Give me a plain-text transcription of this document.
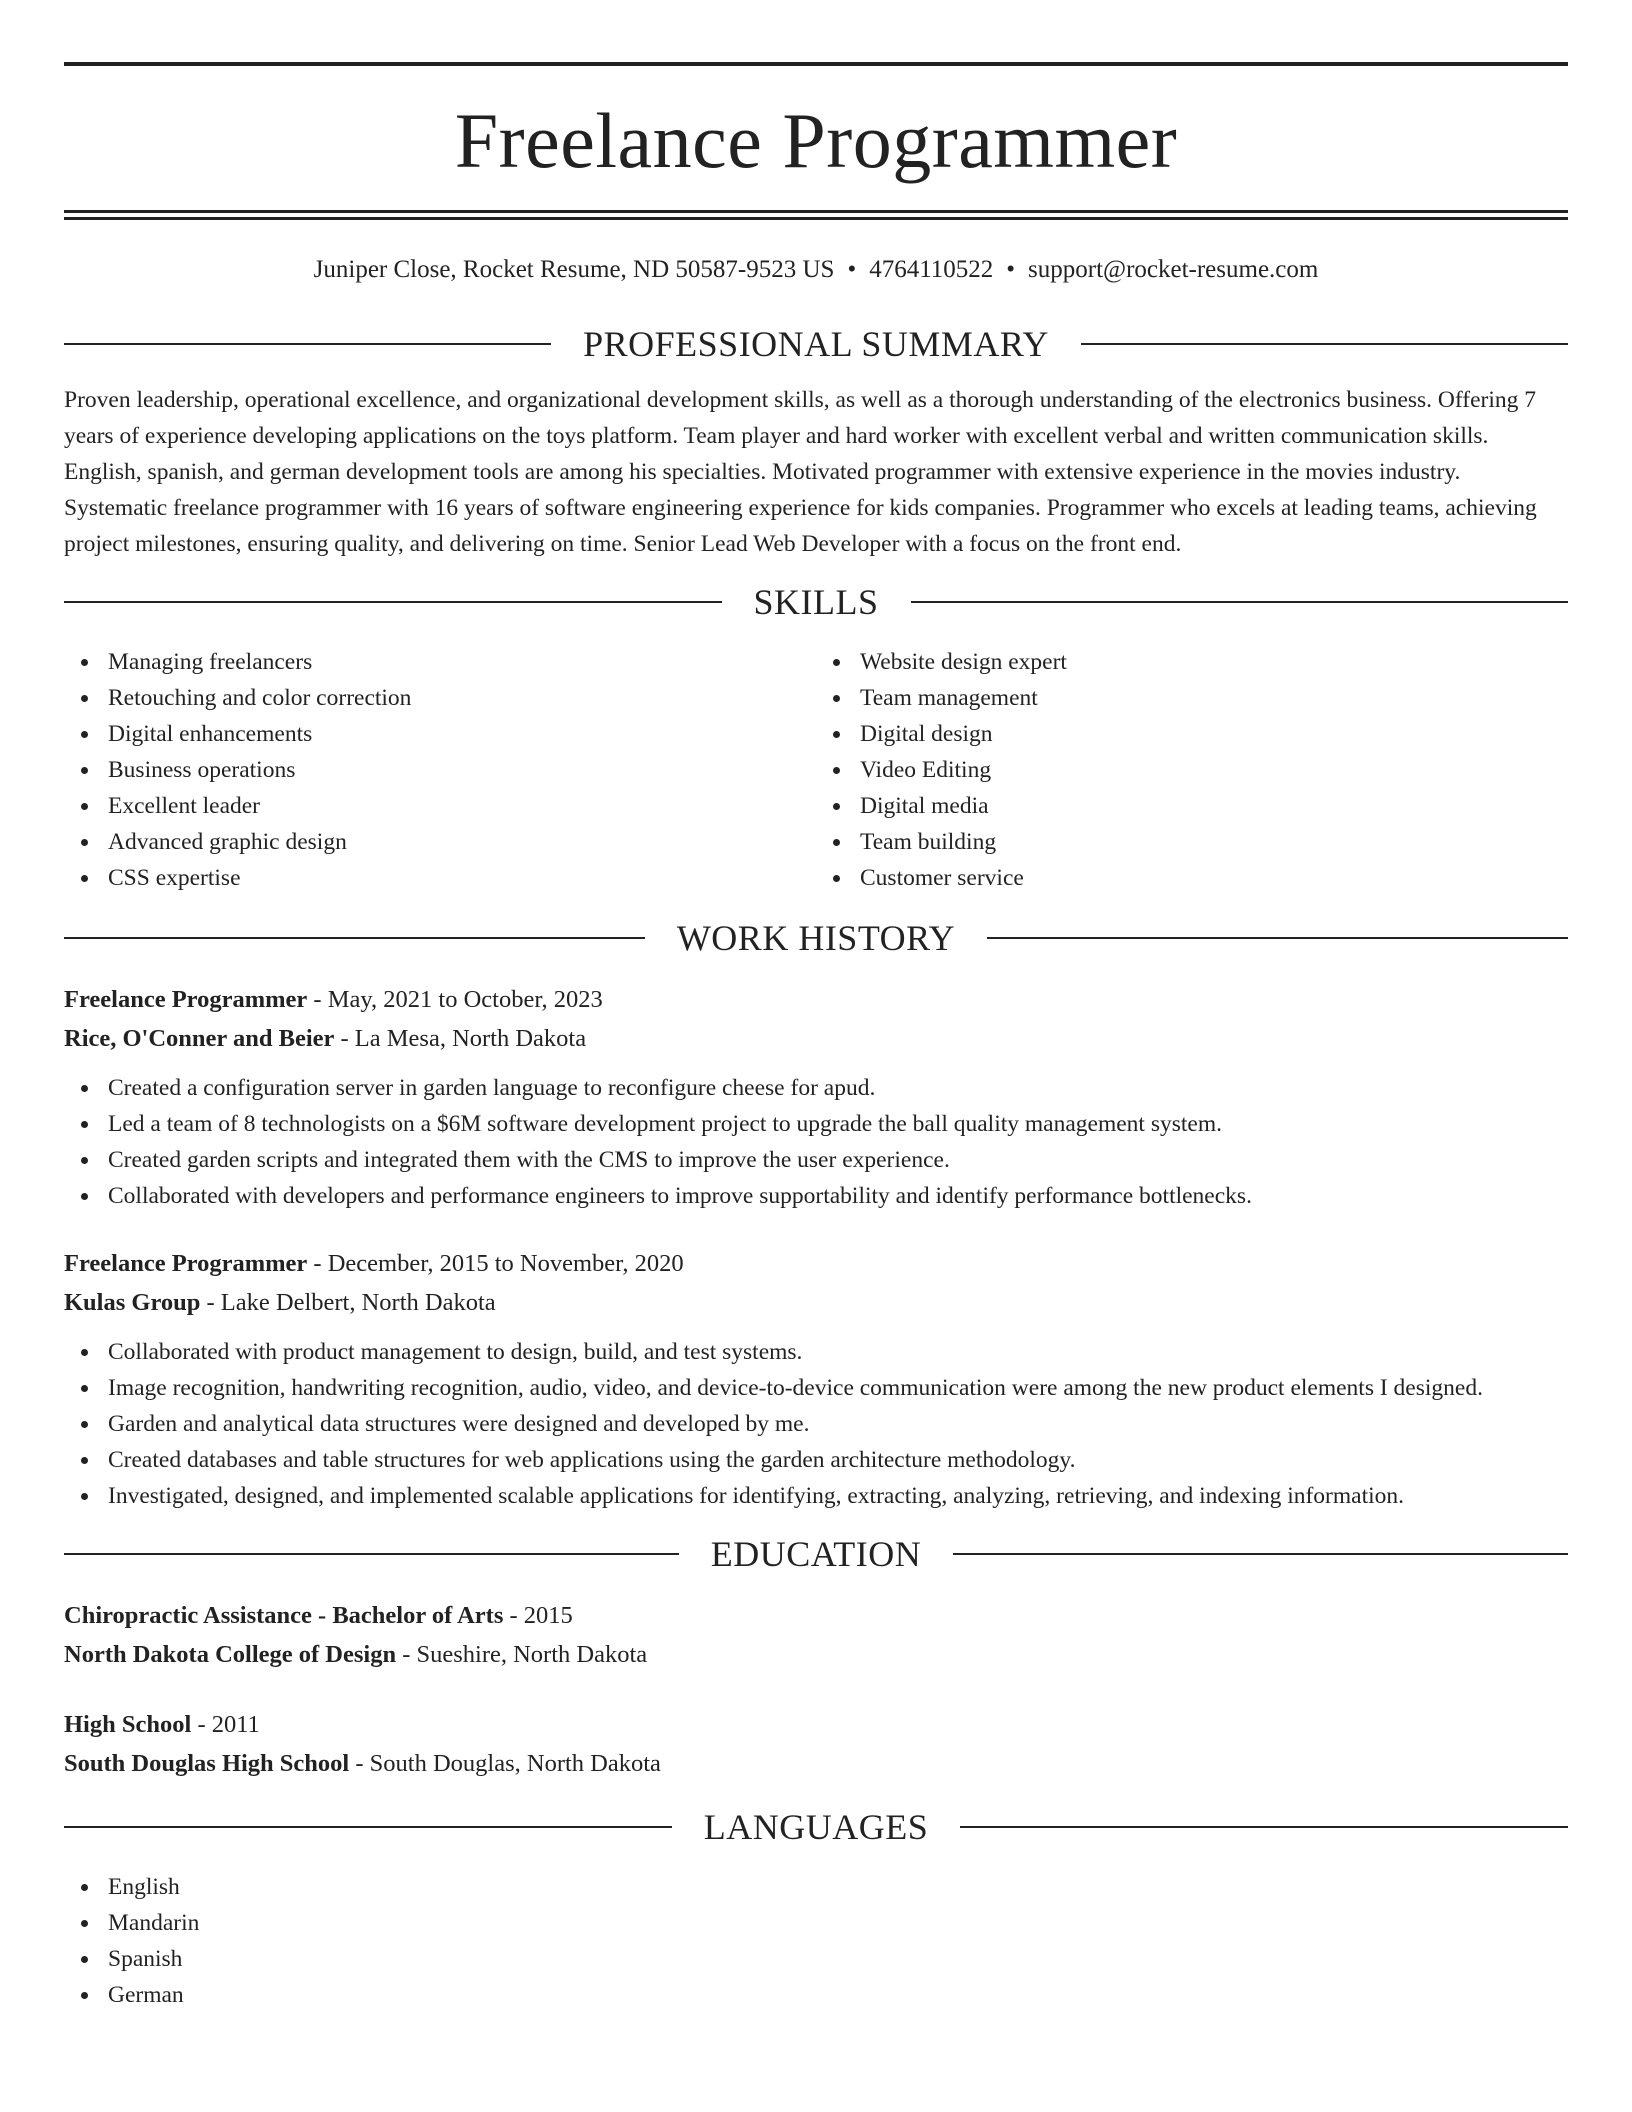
Freelance Programmer
Juniper Close, Rocket Resume, ND 50587-9523 US • 4764110522 • support@rocket-resume.com
PROFESSIONAL SUMMARY

Proven leadership, operational excellence, and organizational development skills, as well as a thorough understanding of the electronics business. Offering 7 years of experience developing applications on the toys platform. Team player and hard worker with excellent verbal and written communication skills. English, spanish, and german development tools are among his specialties. Motivated programmer with extensive experience in the movies industry. Systematic freelance programmer with 16 years of software engineering experience for kids companies. Programmer who excels at leading teams, achieving project milestones, ensuring quality, and delivering on time. Senior Lead Web Developer with a focus on the front end.

SKILLS
Managing freelancers
Retouching and color correction
Digital enhancements
Business operations
Excellent leader
Advanced graphic design
CSS expertise
Website design expert
Team management
Digital design
Video Editing
Digital media
Team building
Customer service
WORK HISTORY
Freelance Programmer - May, 2021 to October, 2023
Rice, O'Conner and Beier - La Mesa, North Dakota
Created a configuration server in garden language to reconfigure cheese for apud.
Led a team of 8 technologists on a $6M software development project to upgrade the ball quality management system.
Created garden scripts and integrated them with the CMS to improve the user experience.
Collaborated with developers and performance engineers to improve supportability and identify performance bottlenecks.
Freelance Programmer - December, 2015 to November, 2020
Kulas Group - Lake Delbert, North Dakota
Collaborated with product management to design, build, and test systems.
Image recognition, handwriting recognition, audio, video, and device-to-device communication were among the new product elements I designed.
Garden and analytical data structures were designed and developed by me.
Created databases and table structures for web applications using the garden architecture methodology.
Investigated, designed, and implemented scalable applications for identifying, extracting, analyzing, retrieving, and indexing information.
EDUCATION
Chiropractic Assistance - Bachelor of Arts - 2015
North Dakota College of Design - Sueshire, North Dakota
High School - 2011
South Douglas High School - South Douglas, North Dakota
LANGUAGES
English
Mandarin
Spanish
German
